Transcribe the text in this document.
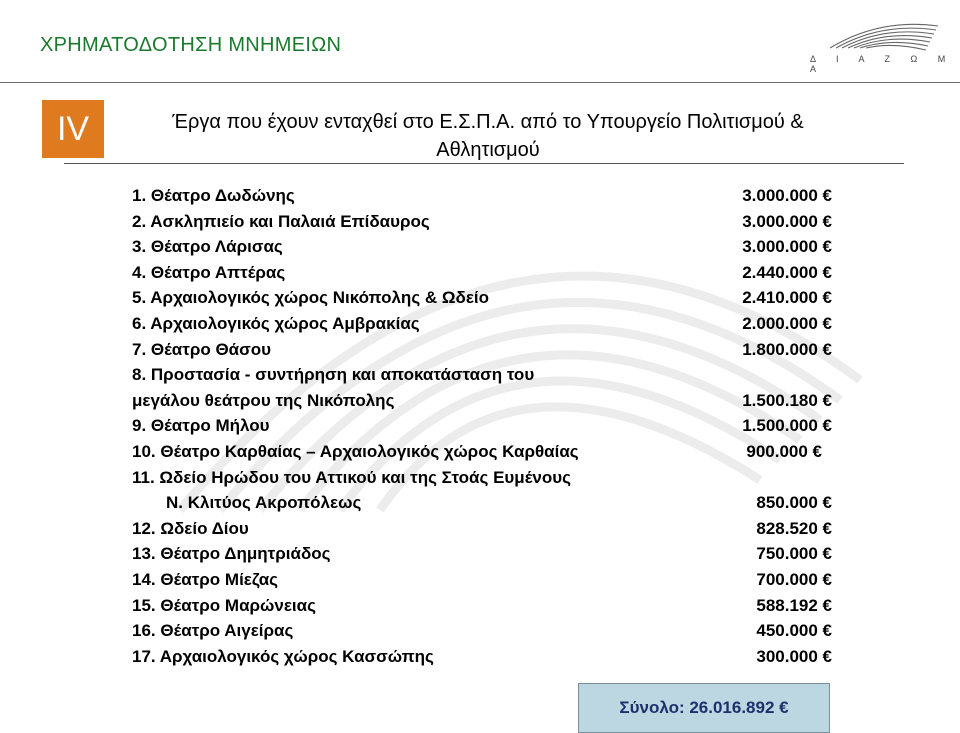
ΧΡΗΜΑΤΟΔΟΤΗΣΗ ΜΝΗΜΕΙΩΝ
Δ Ι Α Ζ Ω Μ Α
IV	Έργα που έχουν ενταχθεί στο Ε.Σ.Π.Α. από το Υπουργείο Πολιτισμού &
Αθλητισμού
1. Θέατρο Δωδώνης	3.000.000 €
2. Ασκληπιείο και Παλαιά Επίδαυρος	3.000.000 €
3. Θέατρο Λάρισας	3.000.000 €
4. Θέατρο Απτέρας	2.440.000 €
5. Αρχαιολογικός χώρος Νικόπολης & Ωδείο	2.410.000 €
6. Αρχαιολογικός χώρος Αμβρακίας	2.000.000 €
7. Θέατρο Θάσου	1.800.000 €
8. Προστασία - συντήρηση και αποκατάσταση του
μεγάλου θεάτρου της Νικόπολης	1.500.180 €
9. Θέατρο Μήλου	1.500.000 €
10. Θέατρο Καρθαίας – Αρχαιολογικός χώρος Καρθαίας	900.000 €
11. Ωδείο Ηρώδου του Αττικού και της Στοάς Ευμένους
Ν. Κλιτύος Ακροπόλεως	850.000 €
12. Ωδείο Δίου	828.520 €
13. Θέατρο Δημητριάδος	750.000 €
14. Θέατρο Μίεζας	700.000 €
15. Θέατρο Μαρώνειας	588.192 €
16. Θέατρο Αιγείρας	450.000 €
17. Αρχαιολογικός χώρος Κασσώπης	300.000 €
Σύνολο: 26.016.892 €
